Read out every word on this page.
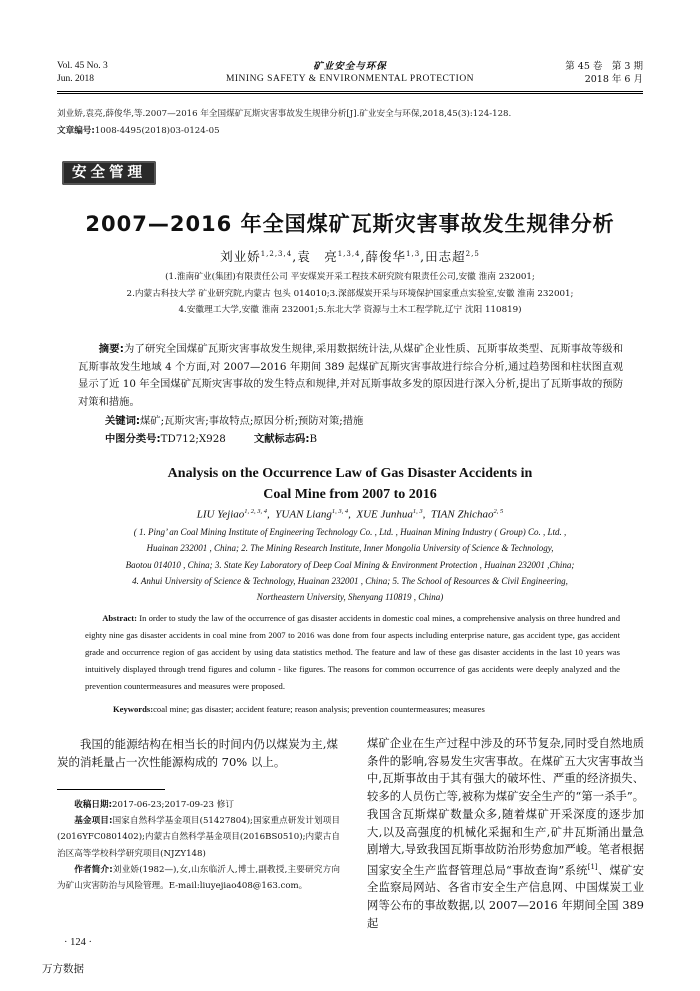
Vol. 45 No. 3
Jun. 2018
矿业安全与环保
MINING SAFETY & ENVIRONMENTAL PROTECTION
第 45 卷　第 3 期
2018 年 6 月
刘业娇,袁亮,薛俊华,等.2007—2016 年全国煤矿瓦斯灾害事故发生规律分析[J].矿业安全与环保,2018,45(3):124-128.
文章编号:1008-4495(2018)03-0124-05
安全管理
2007—2016 年全国煤矿瓦斯灾害事故发生规律分析
刘业娇$^{1,2,3,4}$,袁　亮$^{1,3,4}$,薛俊华$^{1,3}$,田志超$^{2,5}$
(1.淮南矿业(集团)有限责任公司 平安煤炭开采工程技术研究院有限责任公司,安徽 淮南 232001;
2.内蒙古科技大学 矿业研究院,内蒙古 包头 014010;3.深部煤炭开采与环境保护国家重点实验室,安徽 淮南 232001;
4.安徽理工大学,安徽 淮南 232001;5.东北大学 资源与土木工程学院,辽宁 沈阳 110819)
摘要:为了研究全国煤矿瓦斯灾害事故发生规律,采用数据统计法,从煤矿企业性质、瓦斯事故类型、瓦斯事故等级和瓦斯事故发生地域 4 个方面,对 2007—2016 年期间 389 起煤矿瓦斯灾害事故进行综合分析,通过趋势图和柱状图直观显示了近 10 年全国煤矿瓦斯灾害事故的发生特点和规律,并对瓦斯事故多发的原因进行深入分析,提出了瓦斯事故的预防对策和措施。
关键词:煤矿;瓦斯灾害;事故特点;原因分析;预防对策;措施
中图分类号:TD712;X928	文献标志码:B
Analysis on the Occurrence Law of Gas Disaster Accidents in
Coal Mine from 2007 to 2016
LIU Yejiao$^{1, 2, 3, 4}$,  YUAN Liang$^{1, 3, 4}$,  XUE Junhua$^{1, 3}$,  TIAN Zhichao$^{2, 5}$
( 1. Ping’ an Coal Mining Institute of Engineering Technology Co. , Ltd. , Huainan Mining Industry ( Group) Co. , Ltd. ,
Huainan 232001 , China; 2. The Mining Research Institute, Inner Mongolia University of Science & Technology,
Baotou 014010 , China; 3. State Key Laboratory of Deep Coal Mining & Environment Protection , Huainan 232001 ,China;
4. Anhui University of Science & Technology, Huainan 232001 , China; 5. The School of Resources & Civil Engineering,
Northeastern University, Shenyang 110819 , China)
Abstract: In order to study the law of the occurrence of gas disaster accidents in domestic coal mines, a comprehensive analysis on three hundred and eighty nine gas disaster accidents in coal mine from 2007 to 2016 was done from four aspects including enterprise nature, gas accident type, gas accident grade and occurrence region of gas accident by using data statistics method. The feature and law of these gas disaster accidents in the last 10 years was intuitively displayed through trend figures and column - like figures. The reasons for common occurrence of gas accidents were deeply analyzed and the prevention countermeasures and measures were proposed.
Keywords:coal mine; gas disaster; accident feature; reason analysis; prevention countermeasures; measures
我国的能源结构在相当长的时间内仍以煤炭为主,煤炭的消耗量占一次性能源构成的 70% 以上。

收稿日期:2017-06-23;2017-09-23 修订

基金项目:国家自然科学基金项目(51427804);国家重点研发计划项目(2016YFC0801402);内蒙古自然科学基金项目(2016BS0510);内蒙古自治区高等学校科学研究项目(NJZY148)

作者简介:刘业娇(1982—),女,山东临沂人,博士,副教授,主要研究方向为矿山灾害防治与风险管理。E-mail:liuyejiao408@163.com。

· 124 ·
万方数据
煤矿企业在生产过程中涉及的环节复杂,同时受自然地质条件的影响,容易发生灾害事故。在煤矿五大灾害事故当中,瓦斯事故由于其有强大的破坏性、严重的经济损失、较多的人员伤亡等,被称为煤矿安全生产的“第一杀手”。我国含瓦斯煤矿数量众多,随着煤矿开采深度的逐步加大,以及高强度的机械化采掘和生产,矿井瓦斯涌出量急剧增大,导致我国瓦斯事故防治形势愈加严峻。笔者根据国家安全生产监督管理总局“事故查询”系统[1]、煤矿安全监察局网站、各省市安全生产信息网、中国煤炭工业网等公布的事故数据,以 2007—2016 年期间全国 389 起
